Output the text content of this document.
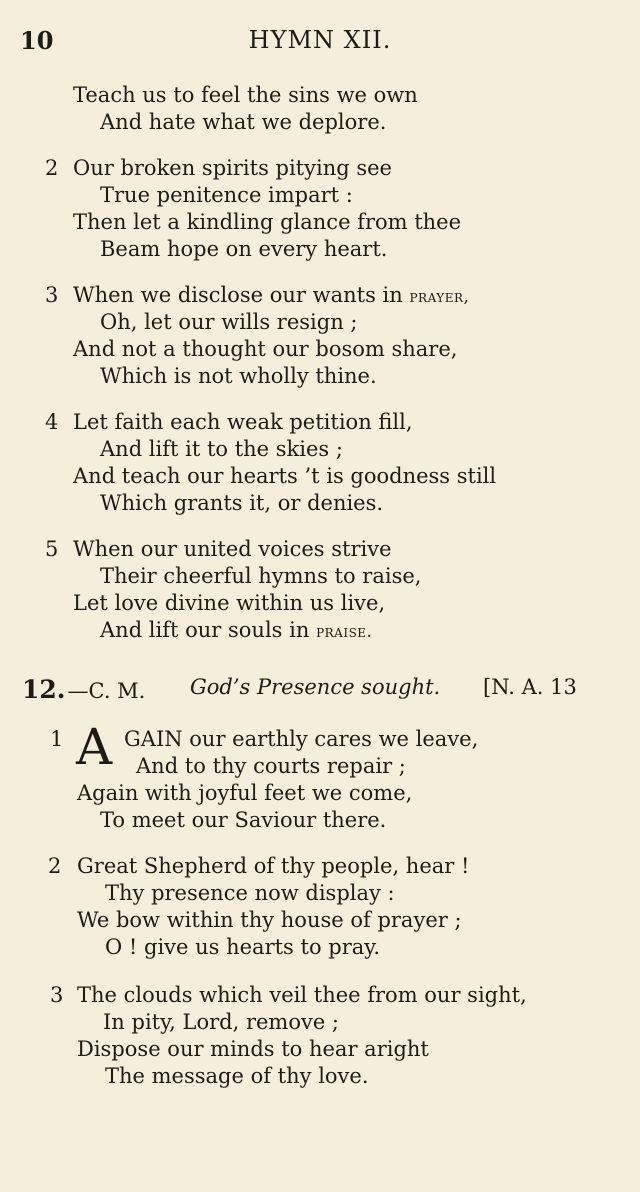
10	HYMN XII.
Teach us to feel the sins we own
And hate what we deplore.
2 Our broken spirits pitying see
True penitence impart :
Then let a kindling glance from thee
Beam hope on every heart.
3 When we disclose our wants in prayer,
Oh, let our wills resign ;
And not a thought our bosom share,
Which is not wholly thine.
4 Let faith each weak petition fill,
And lift it to the skies ;
And teach our hearts ’t is goodness still
Which grants it, or denies.
5 When our united voices strive
Their cheerful hymns to raise,
Let love divine within us live,
And lift our souls in praise.
12.—C. M. God’s Presence sought. [N. A. 13
1 A GAIN our earthly cares we leave,
And to thy courts repair ;
Again with joyful feet we come,
To meet our Saviour there.
2 Great Shepherd of thy people, hear !
Thy presence now display :
We bow within thy house of prayer ;
O ! give us hearts to pray.
3 The clouds which veil thee from our sight,
In pity, Lord, remove ;
Dispose our minds to hear aright
The message of thy love.
